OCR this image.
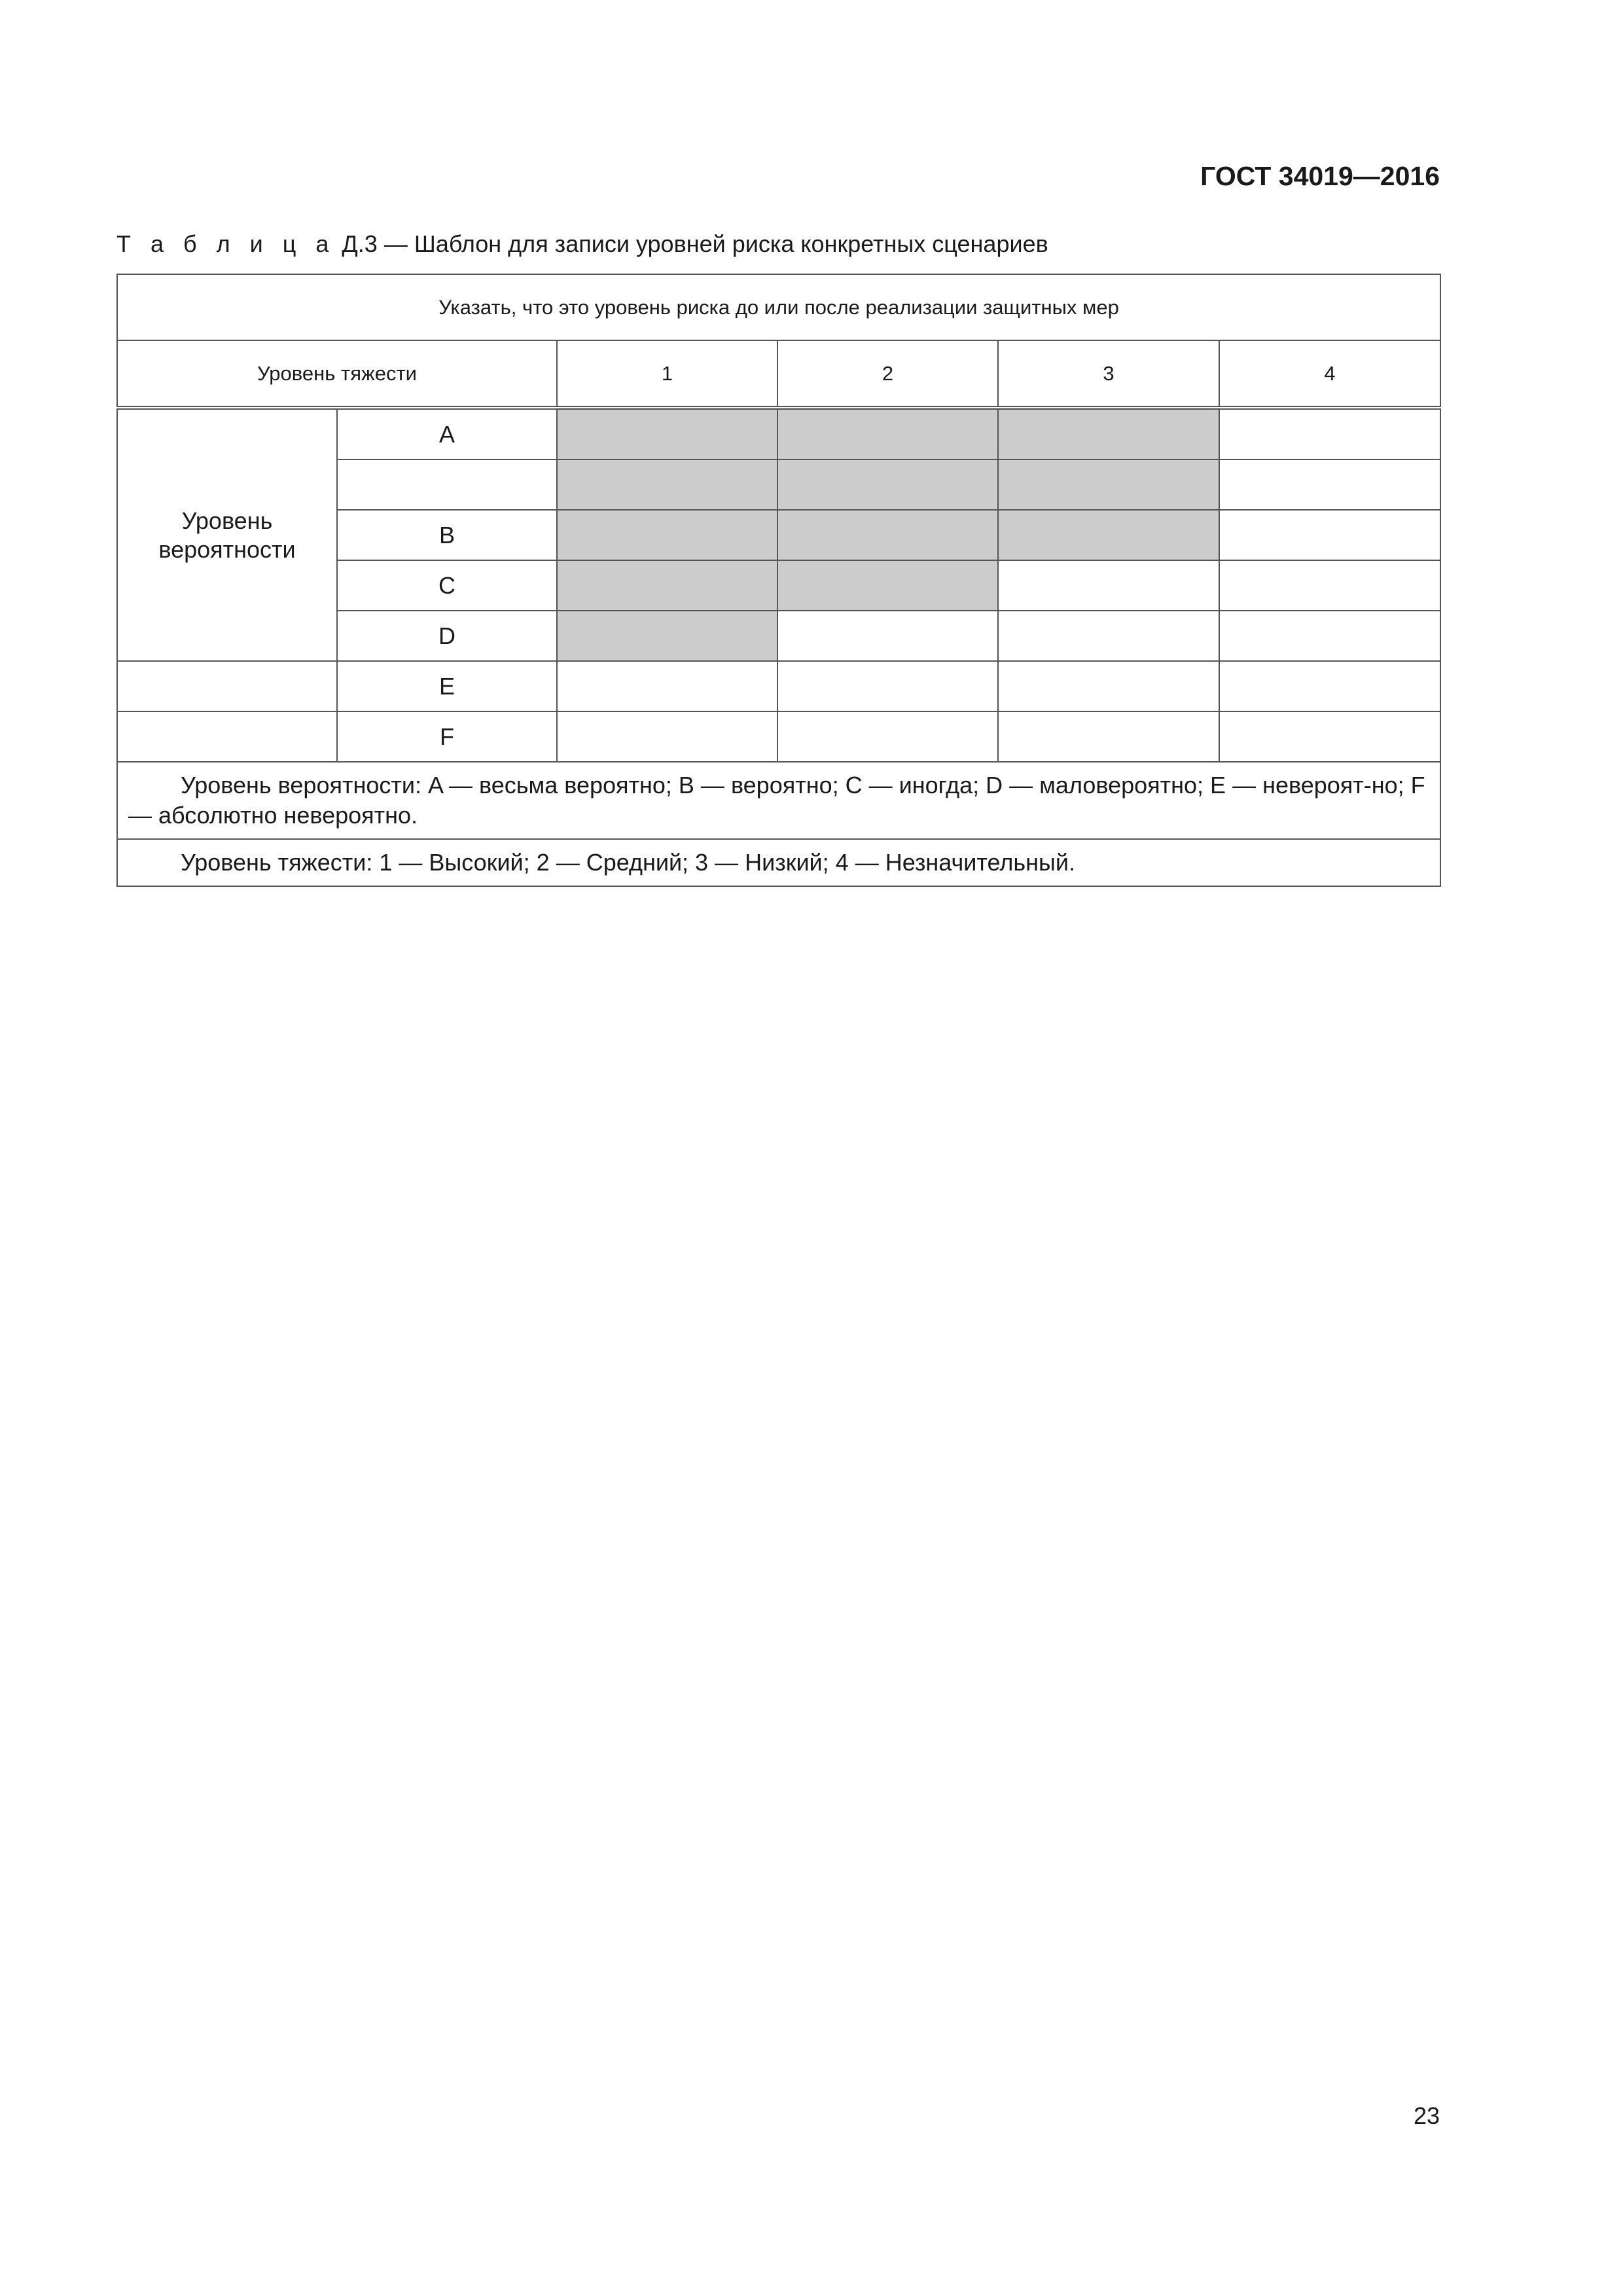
ГОСТ 34019—2016
Т а б л и ц а Д.3 — Шаблон для записи уровней риска конкретных сценариев
Указать, что это уровень риска до или после реализации защитных мер					
Уровень тяжести		1	2	3	4
Уровень вероятности	A				

	B				
	C				
	D				
	E				
	F				
Уровень вероятности: A — весьма вероятно; B — вероятно; C — иногда; D — маловероятно; E — невероят-но; F — абсолютно невероятно.					
Уровень тяжести: 1 — Высокий; 2 — Средний; 3 — Низкий; 4 — Незначительный.					
23
